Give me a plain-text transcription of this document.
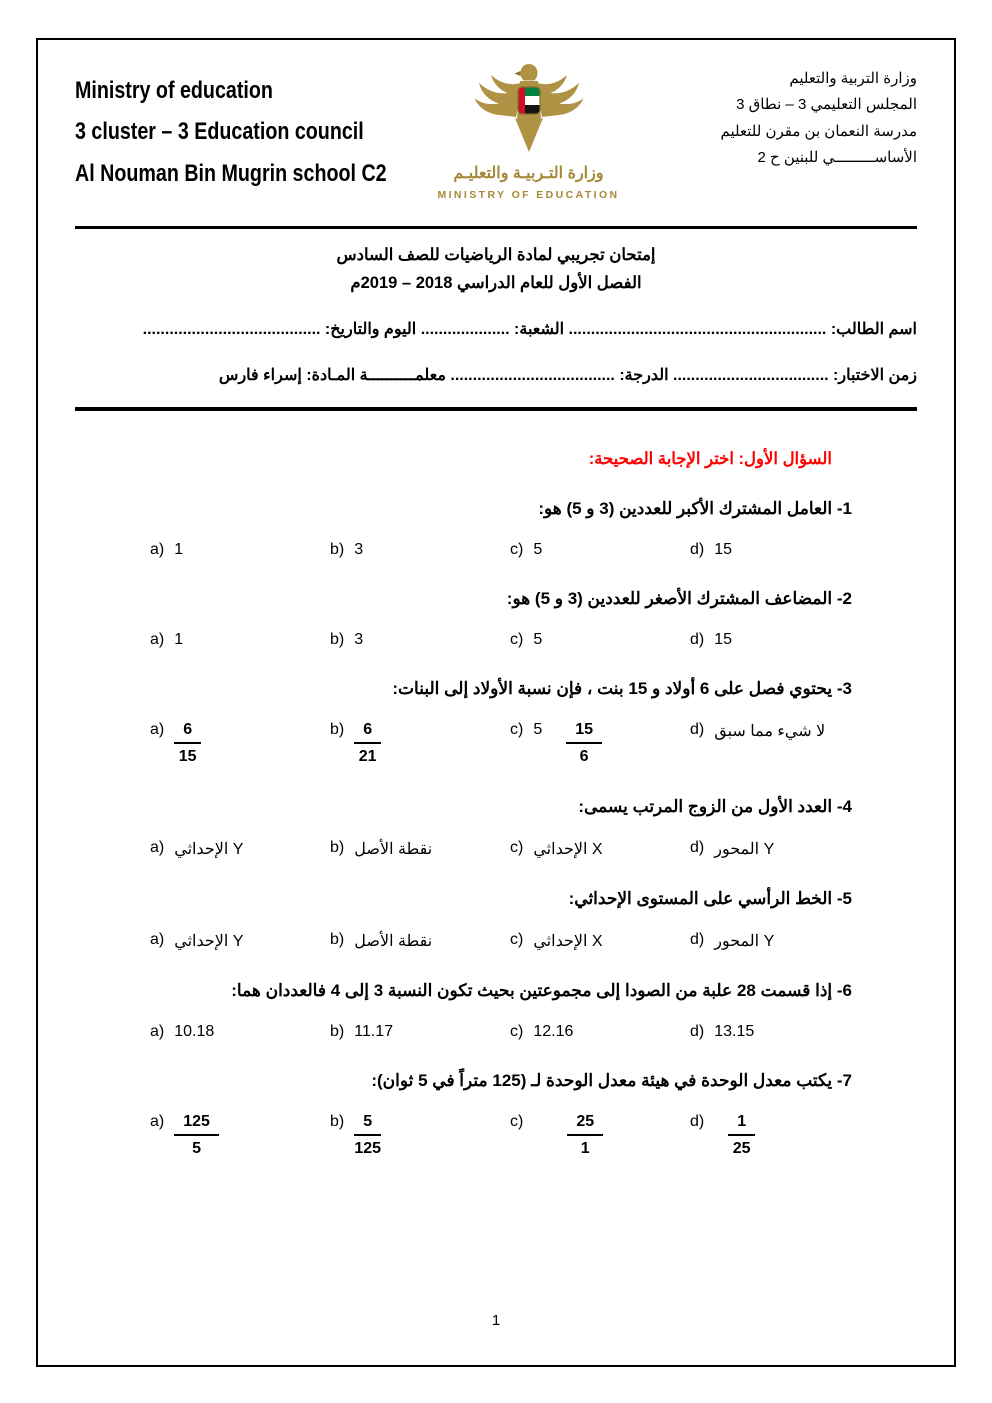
Ministry of education
3 cluster – 3 Education council
Al Nouman Bin Mugrin school C2	وزارة التـربيـة والتعليـم
MINISTRY OF EDUCATION
وزارة التربية والتعليم
المجلس التعليمي 3 – نطاق 3
مدرسة النعمان بن مقرن للتعليم
الأساســـــــــي للبنين ح 2
إمتحان تجريبي لمادة الرياضيات للصف السادس
الفصل الأول للعام الدراسي 2018 – 2019م
اسم الطالب: .......................................................... الشعبة: .................... اليوم والتاريخ: ........................................
زمن الاختبار: ................................... الدرجة: ..................................... معلمــــــــــة المـادة: إسراء فارس
السؤال الأول: اختر الإجابة الصحيحة:
1- العامل المشترك الأكبر للعددين (3 و 5) هو:
a) 1	b) 3	c) 5	d) 15
2- المضاعف المشترك الأصغر للعددين (3 و 5) هو:
a) 1	b) 3	c) 5	d) 15
3- يحتوي فصل على 6 أولاد و 15 بنت ، فإن نسبة الأولاد إلى البنات:
$a) \frac{6}{15}$	$b) \frac{6}{21}$	c) $5 \frac{15}{6}$	d) لا شيء مما سبق
4- العدد الأول من الزوج المرتب يسمى:
a) الإحداثي Y	b) نقطة الأصل	c) الإحداثي X	d) المحور Y
5- الخط الرأسي على المستوى الإحداثي:
a) الإحداثي Y	b) نقطة الأصل	c) الإحداثي X	d) المحور Y
6- إذا قسمت 28 علبة من الصودا إلى مجموعتين بحيث تكون النسبة 3 إلى 4 فالعددان هما:
a) 10.18	b) 11.17	c) 12.16	d) 13.15
7- يكتب معدل الوحدة في هيئة معدل الوحدة لـ (125 متراً في 5 ثوان):
$a) \frac{125}{5}$	$b) \frac{5}{125}$	c)	$\frac{25}{1}$	$d) \frac{1}{25}$
1
